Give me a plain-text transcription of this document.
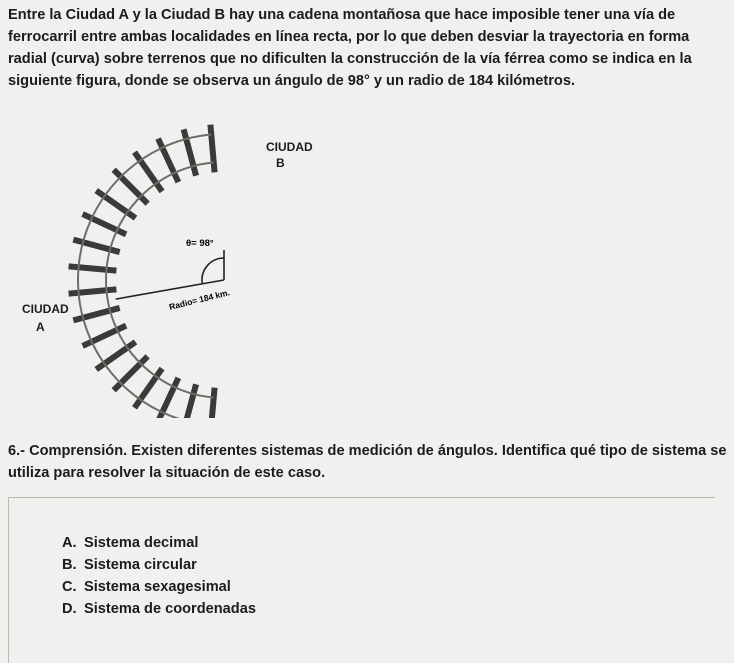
Entre la Ciudad A y la Ciudad B hay una cadena montañosa que hace imposible tener una vía de ferrocarril entre ambas localidades en línea recta, por lo que deben desviar la trayectoria en forma radial (curva) sobre terrenos que no dificulten la construcción de la vía férrea como se indica en la siguiente figura, donde se observa un ángulo de 98° y un radio de 184 kilómetros.

θ= 98°
Radio= 184 km.

CIUDAD

B

CIUDAD

A

6.- Comprensión. Existen diferentes sistemas de medición de ángulos. Identifica qué tipo de sistema se utiliza para resolver la situación de este caso.

A. Sistema decimal
B. Sistema circular
C. Sistema sexagesimal
D. Sistema de coordenadas
